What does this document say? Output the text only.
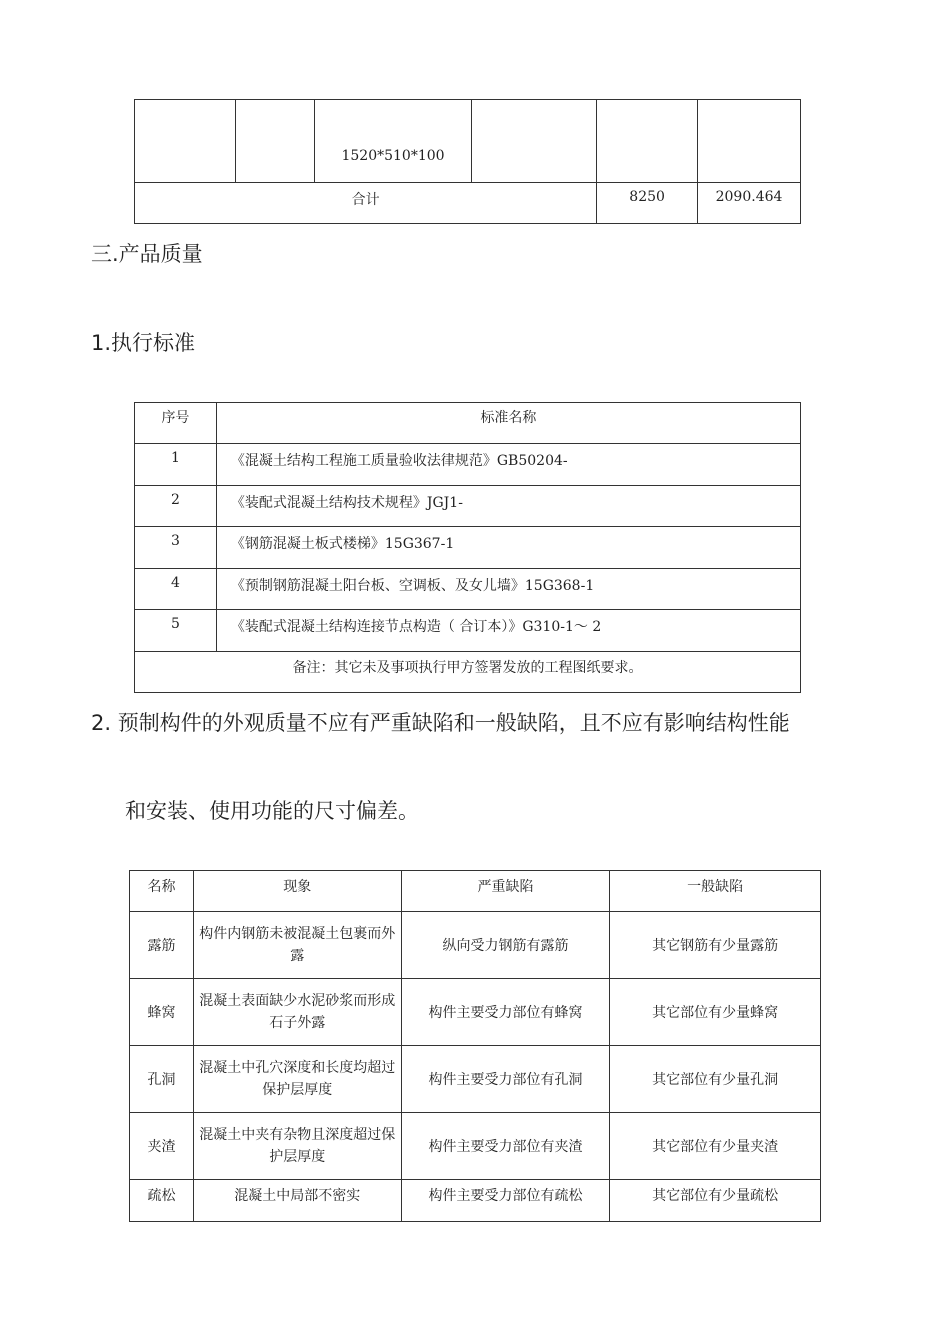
		1520*510*100			
合计				8250	2090.464
三.产品质量
1.执行标准
序号	标准名称
1	《混凝土结构工程施工质量验收法律规范》GB50204-
2	《装配式混凝土结构技术规程》JGJ1-
3	《钢筋混凝土板式楼梯》15G367-1
4	《预制钢筋混凝土阳台板、空调板、及女儿墙》15G368-1
5	《装配式混凝土结构连接节点构造（ 合订本）》G310-1～ 2
备注：其它未及事项执行甲方签署发放的工程图纸要求。	
2. 预制构件的外观质量不应有严重缺陷和一般缺陷，且不应有影响结构性能
和安装、使用功能的尺寸偏差。
名称	现象	严重缺陷	一般缺陷
露筋	构件内钢筋未被混凝土包裹而外露	纵向受力钢筋有露筋	其它钢筋有少量露筋
蜂窝	混凝土表面缺少水泥砂浆而形成石子外露	构件主要受力部位有蜂窝	其它部位有少量蜂窝
孔洞	混凝土中孔穴深度和长度均超过保护层厚度	构件主要受力部位有孔洞	其它部位有少量孔洞
夹渣	混凝土中夹有杂物且深度超过保护层厚度	构件主要受力部位有夹渣	其它部位有少量夹渣
疏松	混凝土中局部不密实	构件主要受力部位有疏松	其它部位有少量疏松
